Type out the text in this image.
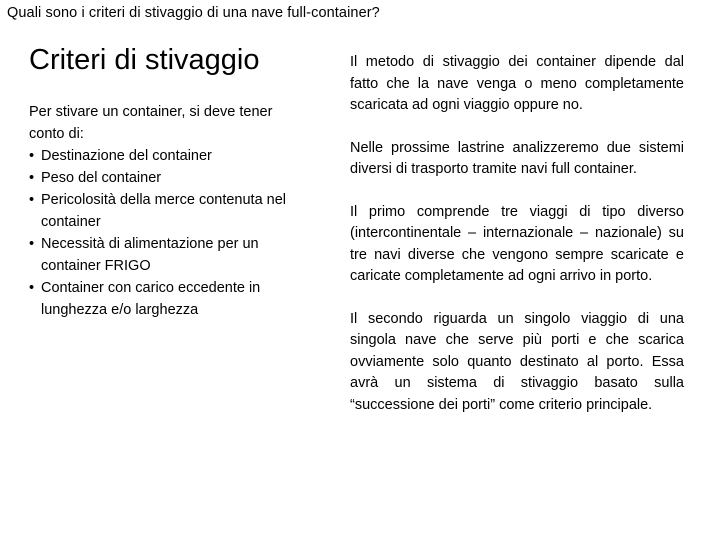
Quali sono i criteri di stivaggio di una nave full-container?
Criteri di stivaggio

Per stivare un container, si deve tener conto di:

• Destinazione del container
• Peso del container
• Pericolosità della merce contenuta nel container
• Necessità di alimentazione per un container FRIGO
• Container con carico eccedente in lunghezza e/o larghezza

Il metodo di stivaggio dei container dipende dal fatto che la nave venga o meno completamente scaricata ad ogni viaggio oppure no.

Nelle prossime lastrine analizzeremo due sistemi diversi di trasporto tramite navi full container.

Il primo comprende tre viaggi di tipo diverso (intercontinentale – internazionale – nazionale) su tre navi diverse che vengono sempre scaricate e caricate completamente ad ogni arrivo in porto.

Il secondo riguarda un singolo viaggio di una singola nave che serve più porti e che scarica ovviamente solo quanto destinato al porto. Essa avrà un sistema di stivaggio basato sulla “successione dei porti” come criterio principale.
